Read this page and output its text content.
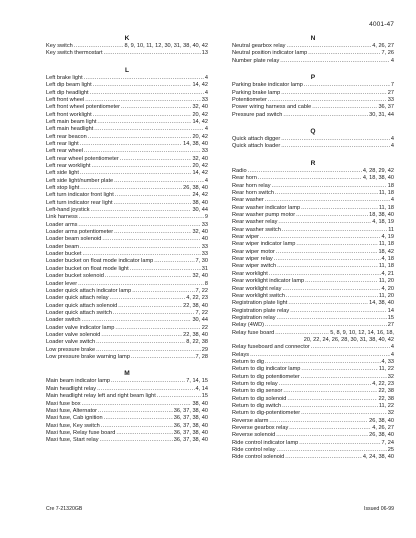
4001-47
K
Key switch .....	8, 9, 10, 11, 12, 30, 31, 38, 40, 42
Key switch thermostart .....	13
L
Left brake light .....	4
Left dip beam light .....	14, 42
Left dip headlight .....	4
Left front wheel .....	33
Left front wheel potentiometer .....	32, 40
Left front worklight .....	20, 42
Left main beam light .....	14, 42
Left main headlight .....	4
Left rear beacon .....	20, 42
Left rear light .....	14, 38, 40
Left rear wheel .....	33
Left rear wheel potentiometer .....	32, 40
Left rear worklight .....	20, 42
Left side light .....	14, 42
Left side light/number plate .....	4
Left stop light .....	26, 38, 40
Left turn indicator front light .....	24, 42
Left turn indicator rear light .....	38, 40
Left-hand joystick .....	30, 44
Link harness .....	9
Loader arms .....	33
Loader arms potentiometer .....	32, 40
Loader beam solenoid .....	40
Loader beam .....	33
Loader bucket .....	33
Loader bucket on float mode indicator lamp .....	7, 30
Loader bucket on float mode light .....	31
Loader bucket solenoid .....	32, 40
Loader lever .....	8
Loader quick attach indicator lamp .....	7, 22
Loader quick attach relay .....	4, 22, 23
Loader quick attach solenoid .....	22, 38, 40
Loader quick attach switch .....	7, 22
Loader switch .....	30, 44
Loader valve indicator lamp .....	22
Loader valve solenoid .....	22, 38, 40
Loader valve switch .....	8, 22, 38
Low pressure brake .....	29
Low pressure brake warning lamp .....	7, 28
M
Main beam indicator lamp .....	7, 14, 15
Main headlight relay .....	4, 14
Main headlight relay left and right beam light .....	15
Maxi fuse box .....	38, 40
Maxi fuse, Alternator .....	36, 37, 38, 40
Maxi fuse, Cab ignition .....	36, 37, 38, 40
Maxi fuse, Key switch .....	36, 37, 38, 40
Maxi fuse, Relay fuse board .....	36, 37, 38, 40
Maxi fuse, Start relay .....	36, 37, 38, 40
N
Neutral gearbox relay .....	4, 26, 27
Neutral position indicator lamp .....	7, 26
Number plate relay .....	4
P
Parking brake indicator lamp .....	7
Parking brake lamp .....	27
Potentiometer .....	33
Power wiring harness and cable .....	36, 37
Pressure pad switch .....	30, 31, 44
Q
Quick attach digger .....	4
Quick attach loader .....	4
R
Radio .....	4, 28, 29, 42
Rear horn .....	4, 18, 38, 40
Rear horn relay .....	18
Rear horn switch .....	11, 18
Rear washer .....	4
Rear washer indicator lamp .....	11, 18
Rear washer pump motor .....	18, 38, 40
Rear washer relay .....	4, 18, 19
Rear washer switch .....	11
Rear wiper .....	4, 19
Rear wiper indicator lamp .....	11, 18
Rear wiper motor .....	18, 42
Rear wiper relay .....	4, 18
Rear wiper switch .....	11, 18
Rear worklight .....	4, 21
Rear worklight indicator lamp .....	11, 20
Rear worklight relay .....	4, 20
Rear worklight switch .....	11, 20
Registration plate light .....	14, 38, 40
Registration plate relay .....	14
Registration relay .....	15
Relay (4WD) .....	27
Relay fuse board .....	5, 8, 9, 10, 12, 14, 16, 18,
20, 22, 24, 26, 28, 30, 31, 38, 40, 42
Relay fuseboard and connector .....	4
Relays .....	4
Return to dig .....	4, 33
Return to dig indicator lamp .....	11, 22
Return to dig potentiometer .....	32
Return to dig relay .....	4, 22, 23
Return to dig sensor .....	22, 38
Return to dig solenoid .....	22, 38
Return to dig switch .....	11, 22
Return to dig-potentiometer .....	32
Reverse alarm .....	26, 38, 40
Reverse gearbox relay .....	4, 26, 27
Reverse solenoid .....	26, 38, 40
Ride control indicator lamp .....	7, 24
Ride control relay .....	25
Ride control solenoid .....	4, 24, 38, 40
Cre 7-21320GB	Issued 06-99
